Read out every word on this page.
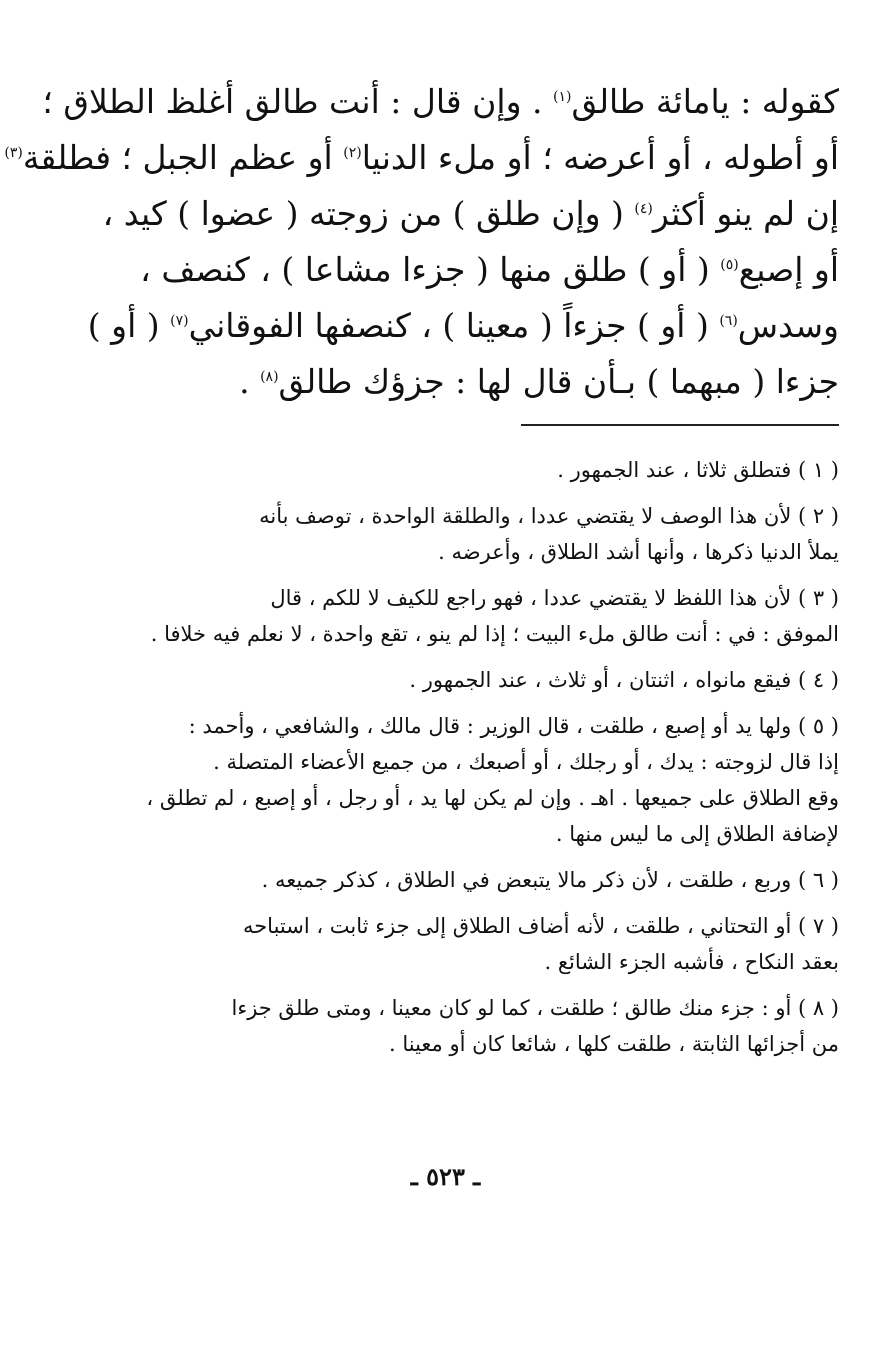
كقوله : يامائة طالق$^{(١)}$ . وإن قال : أنت طالق أغلظ الطلاق ؛
أو أطوله ، أو أعرضه ؛ أو ملء الدنيا$^{(٢)}$ أو عظم الجبل ؛ فطلقة$^{(٣)}$
إن لم ينو أكثر$^{(٤)}$ ( وإن طلق ) من زوجته ( عضوا ) كيد ،
أو إصبع$^{(٥)}$ ( أو ) طلق منها ( جزءا مشاعا ) ، كنصف ،
وسدس$^{(٦)}$ ( أو ) جزءاً ( معينا ) ، كنصفها الفوقاني$^{(٧)}$ ( أو )
جزءا ( مبهما ) بـأن قال لها : جزؤك طالق$^{(٨)}$ .
( ١ ) فتطلق ثلاثا ، عند الجمهور .
( ٢ ) لأن هذا الوصف لا يقتضي عددا ، والطلقة الواحدة ، توصف بأنه
يملأ الدنيا ذكرها ، وأنها أشد الطلاق ، وأعرضه .
( ٣ ) لأن هذا اللفظ لا يقتضي عددا ، فهو راجع للكيف لا للكم ، قال
الموفق : في : أنت طالق ملء البيت ؛ إذا لم ينو ، تقع واحدة ، لا نعلم فيه خلافا .
( ٤ ) فيقع مانواه ، اثنتان ، أو ثلاث ، عند الجمهور .
( ٥ ) ولها يد أو إصبع ، طلقت ، قال الوزير : قال مالك ، والشافعي ، وأحمد :
إذا قال لزوجته : يدك ، أو رجلك ، أو أصبعك ، من جميع الأعضاء المتصلة .
وقع الطلاق على جميعها . اهـ . وإن لم يكن لها يد ، أو رجل ، أو إصبع ، لم تطلق ،
لإضافة الطلاق إلى ما ليس منها .
( ٦ ) وربع ، طلقت ، لأن ذكر مالا يتبعض في الطلاق ، كذكر جميعه .
( ٧ ) أو التحتاني ، طلقت ، لأنه أضاف الطلاق إلى جزء ثابت ، استباحه
بعقد النكاح ، فأشبه الجزء الشائع .
( ٨ ) أو : جزء منك طالق ؛ طلقت ، كما لو كان معينا ، ومتى طلق جزءا
من أجزائها الثابتة ، طلقت كلها ، شائعا كان أو معينا .
ـ ٥٢٣ ـ
